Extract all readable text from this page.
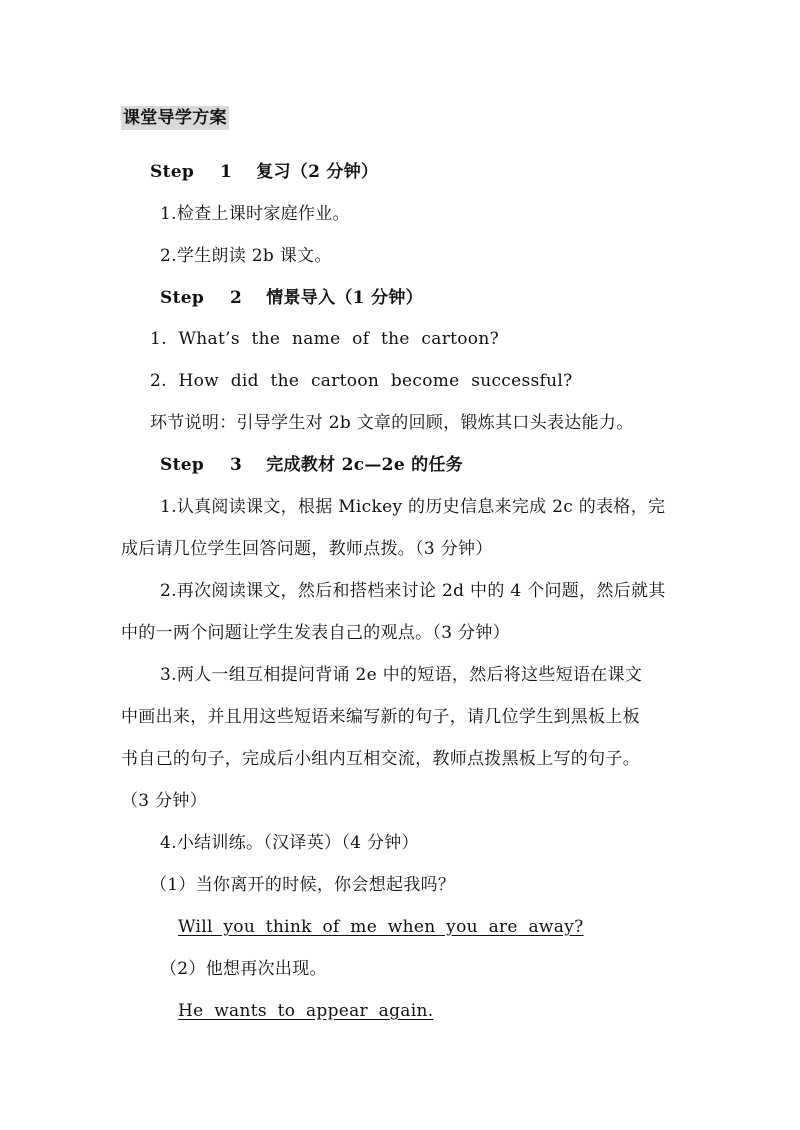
课堂导学方案
Step 1 复习（2 分钟）
1.检查上课时家庭作业。
2.学生朗读 2b 课文。
Step 2 情景导入（1 分钟）
1. What’s the name of the cartoon?
2. How did the cartoon become successful?
环节说明：引导学生对 2b 文章的回顾，锻炼其口头表达能力。
Step 3 完成教材 2c—2e 的任务
1.认真阅读课文，根据 Mickey 的历史信息来完成 2c 的表格，完
成后请几位学生回答问题，教师点拨。（3 分钟）
2.再次阅读课文，然后和搭档来讨论 2d 中的 4 个问题，然后就其
中的一两个问题让学生发表自己的观点。（3 分钟）
3.两人一组互相提问背诵 2e 中的短语，然后将这些短语在课文
中画出来，并且用这些短语来编写新的句子，请几位学生到黑板上板
书自己的句子，完成后小组内互相交流，教师点拨黑板上写的句子。
（3 分钟）
4.小结训练。（汉译英）（4 分钟）
（1）当你离开的时候，你会想起我吗？
Will you think of me when you are away?
（2）他想再次出现。
He wants to appear again.
